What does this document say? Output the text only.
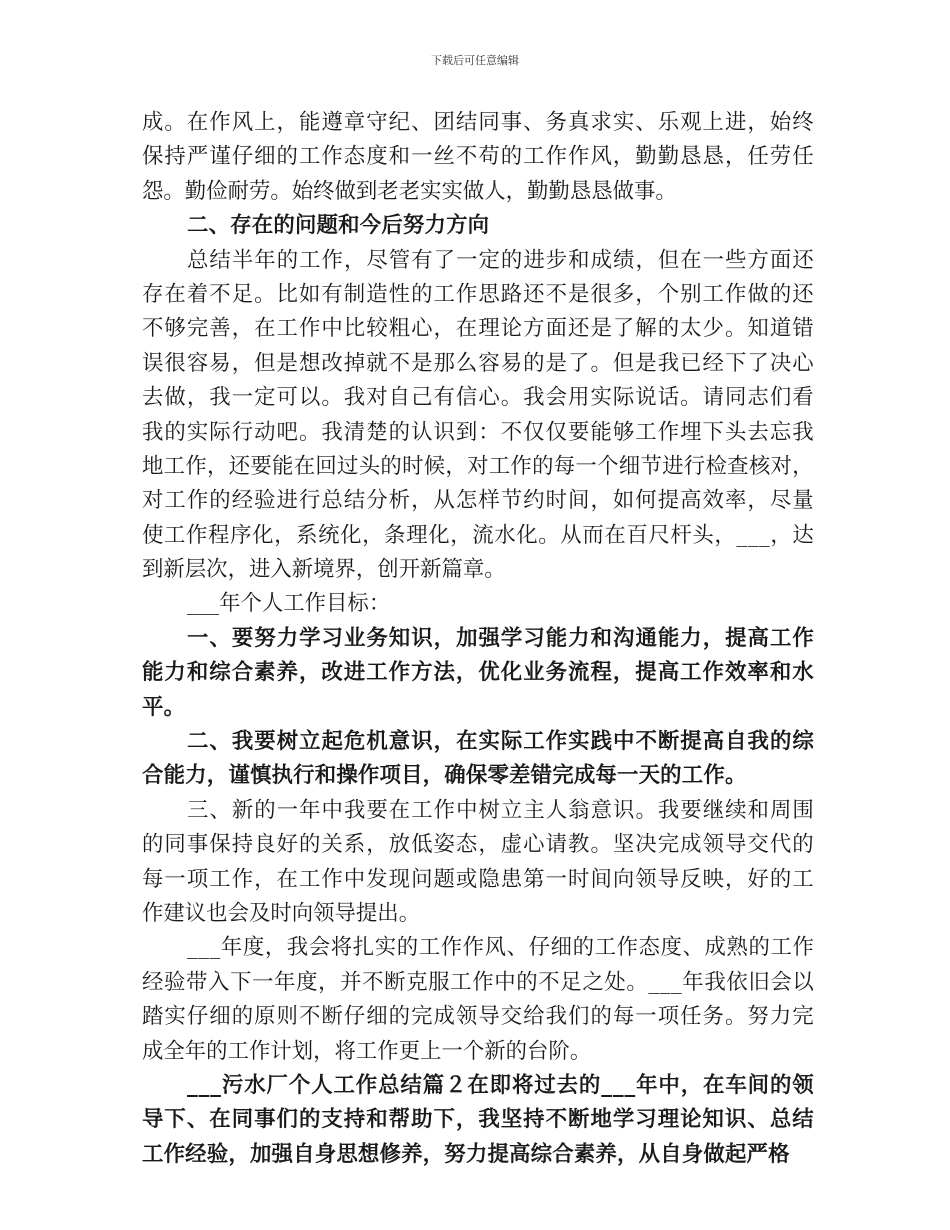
下载后可任意编辑
成 。 在 作 风 上 ， 能 遵 章 守 纪 、 团 结 同 事 、 务 真 求 实 、 乐 观 上 进 ， 始 终
保 持 严 谨 仔 细 的 工 作 态 度 和 一 丝 不 苟 的 工 作 作 风 ， 勤 勤 恳 恳 ， 任 劳 任
怨。勤俭耐劳。始终做到老老实实做人，勤勤恳恳做事。
二、存在的问题和今后努力方向
总 结 半 年 的 工 作 ， 尽 管 有 了 一 定 的 进 步 和 成 绩 ， 但 在 一 些 方 面 还
存 在 着 不 足 。 比 如 有 制 造 性 的 工 作 思 路 还 不 是 很 多 ， 个 别 工 作 做 的 还
不 够 完 善 ， 在 工 作 中 比 较 粗 心 ， 在 理 论 方 面 还 是 了 解 的 太 少 。 知 道 错
误 很 容 易 ， 但 是 想 改 掉 就 不 是 那 么 容 易 的 是 了 。 但 是 我 已 经 下 了 决 心
去 做 ， 我 一 定 可 以 。 我 对 自 己 有 信 心 。 我 会 用 实 际 说 话 。 请 同 志 们 看
我 的 实 际 行 动 吧 。 我 清 楚 的 认 识 到 ： 不 仅 仅 要 能 够 工 作 埋 下 头 去 忘 我
地 工 作 ， 还 要 能 在 回 过 头 的 时 候 ， 对 工 作 的 每 一 个 细 节 进 行 检 查 核 对 ，
对 工 作 的 经 验 进 行 总 结 分 析 ， 从 怎 样 节 约 时 间 ， 如 何 提 高 效 率 ， 尽 量
使 工 作 程 序 化 ， 系 统 化 ， 条 理 化 ， 流 水 化 。 从 而 在 百 尺 杆 头 ， _ _ _ ， 达
到新层次，进入新境界，创开新篇章。
___年个人工作目标：
一 、 要 努 力 学 习 业 务 知 识 ， 加 强 学 习 能 力 和 沟 通 能 力 ， 提 高 工 作
能 力 和 综 合 素 养 ， 改 进 工 作 方 法 ， 优 化 业 务 流 程 ， 提 高 工 作 效 率 和 水
平。
二 、 我 要 树 立 起 危 机 意 识 ， 在 实 际 工 作 实 践 中 不 断 提 高 自 我 的 综
合能力，谨慎执行和操作项目，确保零差错完成每一天的工作。
三 、 新 的 一 年 中 我 要 在 工 作 中 树 立 主 人 翁 意 识 。 我 要 继 续 和 周 围
的 同 事 保 持 良 好 的 关 系 ， 放 低 姿 态 ， 虚 心 请 教 。 坚 决 完 成 领 导 交 代 的
每 一 项 工 作 ， 在 工 作 中 发 现 问 题 或 隐 患 第 一 时 间 向 领 导 反 映 ， 好 的 工
作建议也会及时向领导提出。
_ _ _ 年 度 ， 我 会 将 扎 实 的 工 作 作 风 、 仔 细 的 工 作 态 度 、 成 熟 的 工 作
经 验 带 入 下 一 年 度 ， 并 不 断 克 服 工 作 中 的 不 足 之 处 。 _ _ _ 年 我 依 旧 会 以
踏 实 仔 细 的 原 则 不 断 仔 细 的 完 成 领 导 交 给 我 们 的 每 一 项 任 务 。 努 力 完
成全年的工作计划，将工作更上一个新的台阶。
_ _ _ 污 水 厂 个 人 工 作 总 结 篇 ２ 在 即 将 过 去 的 _ _ _ 年 中 ， 在 车 间 的 领
导 下 、 在 同 事 们 的 支 持 和 帮 助 下 ， 我 坚 持 不 断 地 学 习 理 论 知 识 、 总 结
工作经验，加强自身思想修养，努力提高综合素养，从自身做起严格
